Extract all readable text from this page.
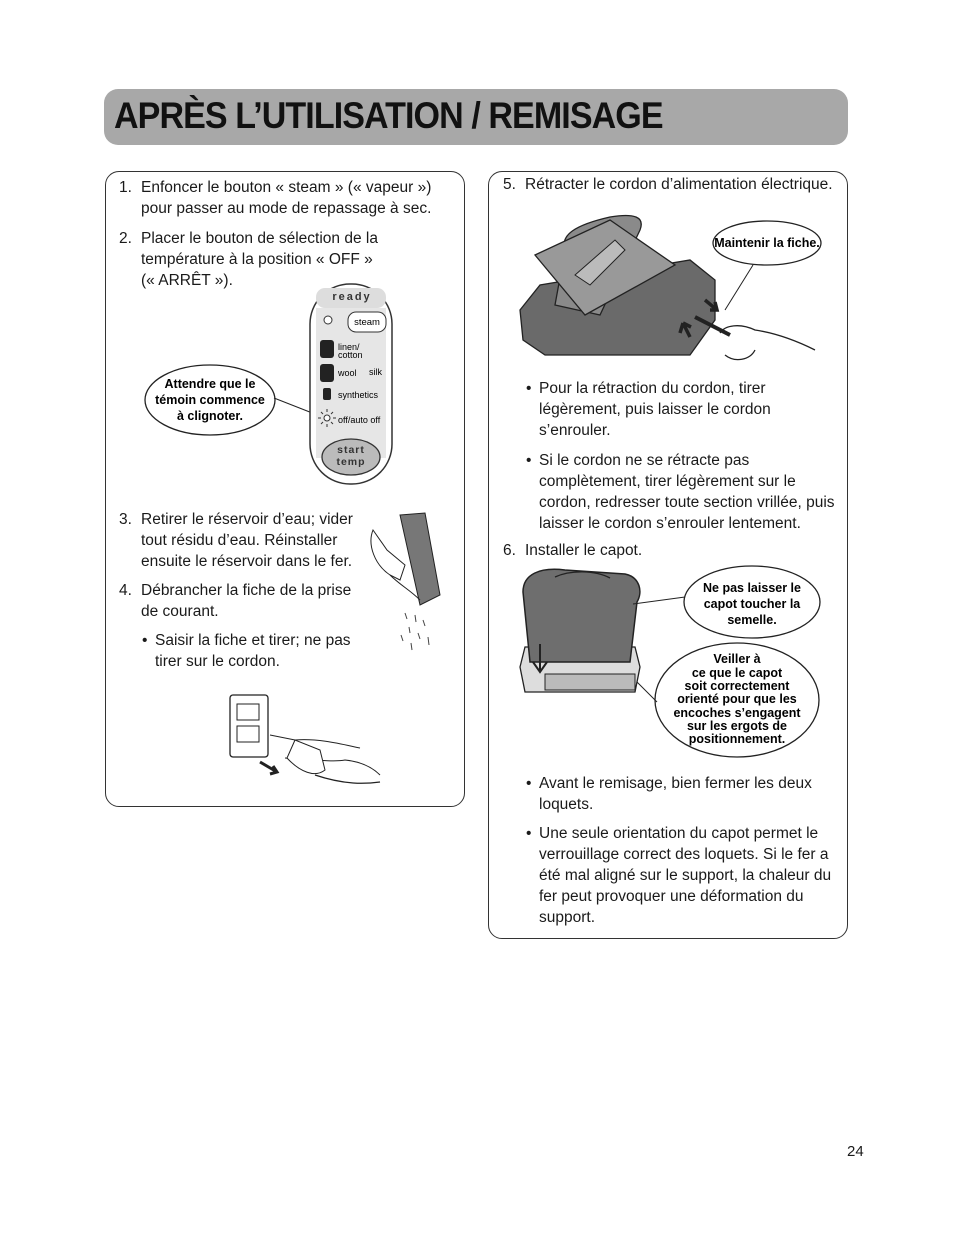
APRÈS L’UTILISATION / REMISAGE
1. Enfoncer le bouton « steam » (« vapeur »)
pour passer au mode de repassage à sec.
2. Placer le bouton de sélection de la
température à la position « OFF »
(« ARRÊT »).
Attendre que le
témoin commence
à clignoter.
ready
steam
linen/
cotton
wool silk
synthetics
off/auto off
start
temp
3. Retirer le réservoir d’eau; vider
tout résidu d’eau. Réinstaller
ensuite le réservoir dans le fer.
4. Débrancher la fiche de la prise
de courant.
• Saisir la fiche et tirer; ne pas
tirer sur le cordon.
5. Rétracter le cordon d’alimentation électrique.
Maintenir la fiche.
• Pour la rétraction du cordon, tirer
légèrement, puis laisser le cordon
s’enrouler.
• Si le cordon ne se rétracte pas
complètement, tirer légèrement sur le
cordon, redresser toute section vrillée, puis
laisser le cordon s’enrouler lentement.
6. Installer le capot.
Ne pas laisser le
capot toucher la
semelle.
Veiller à
ce que le capot
soit correctement
orienté pour que les
encoches s’engagent
sur les ergots de
positionnement.
• Avant le remisage, bien fermer les deux
loquets.
• Une seule orientation du capot permet le
verrouillage correct des loquets. Si le fer a
été mal aligné sur le support, la chaleur du
fer peut provoquer une déformation du
support.
24
